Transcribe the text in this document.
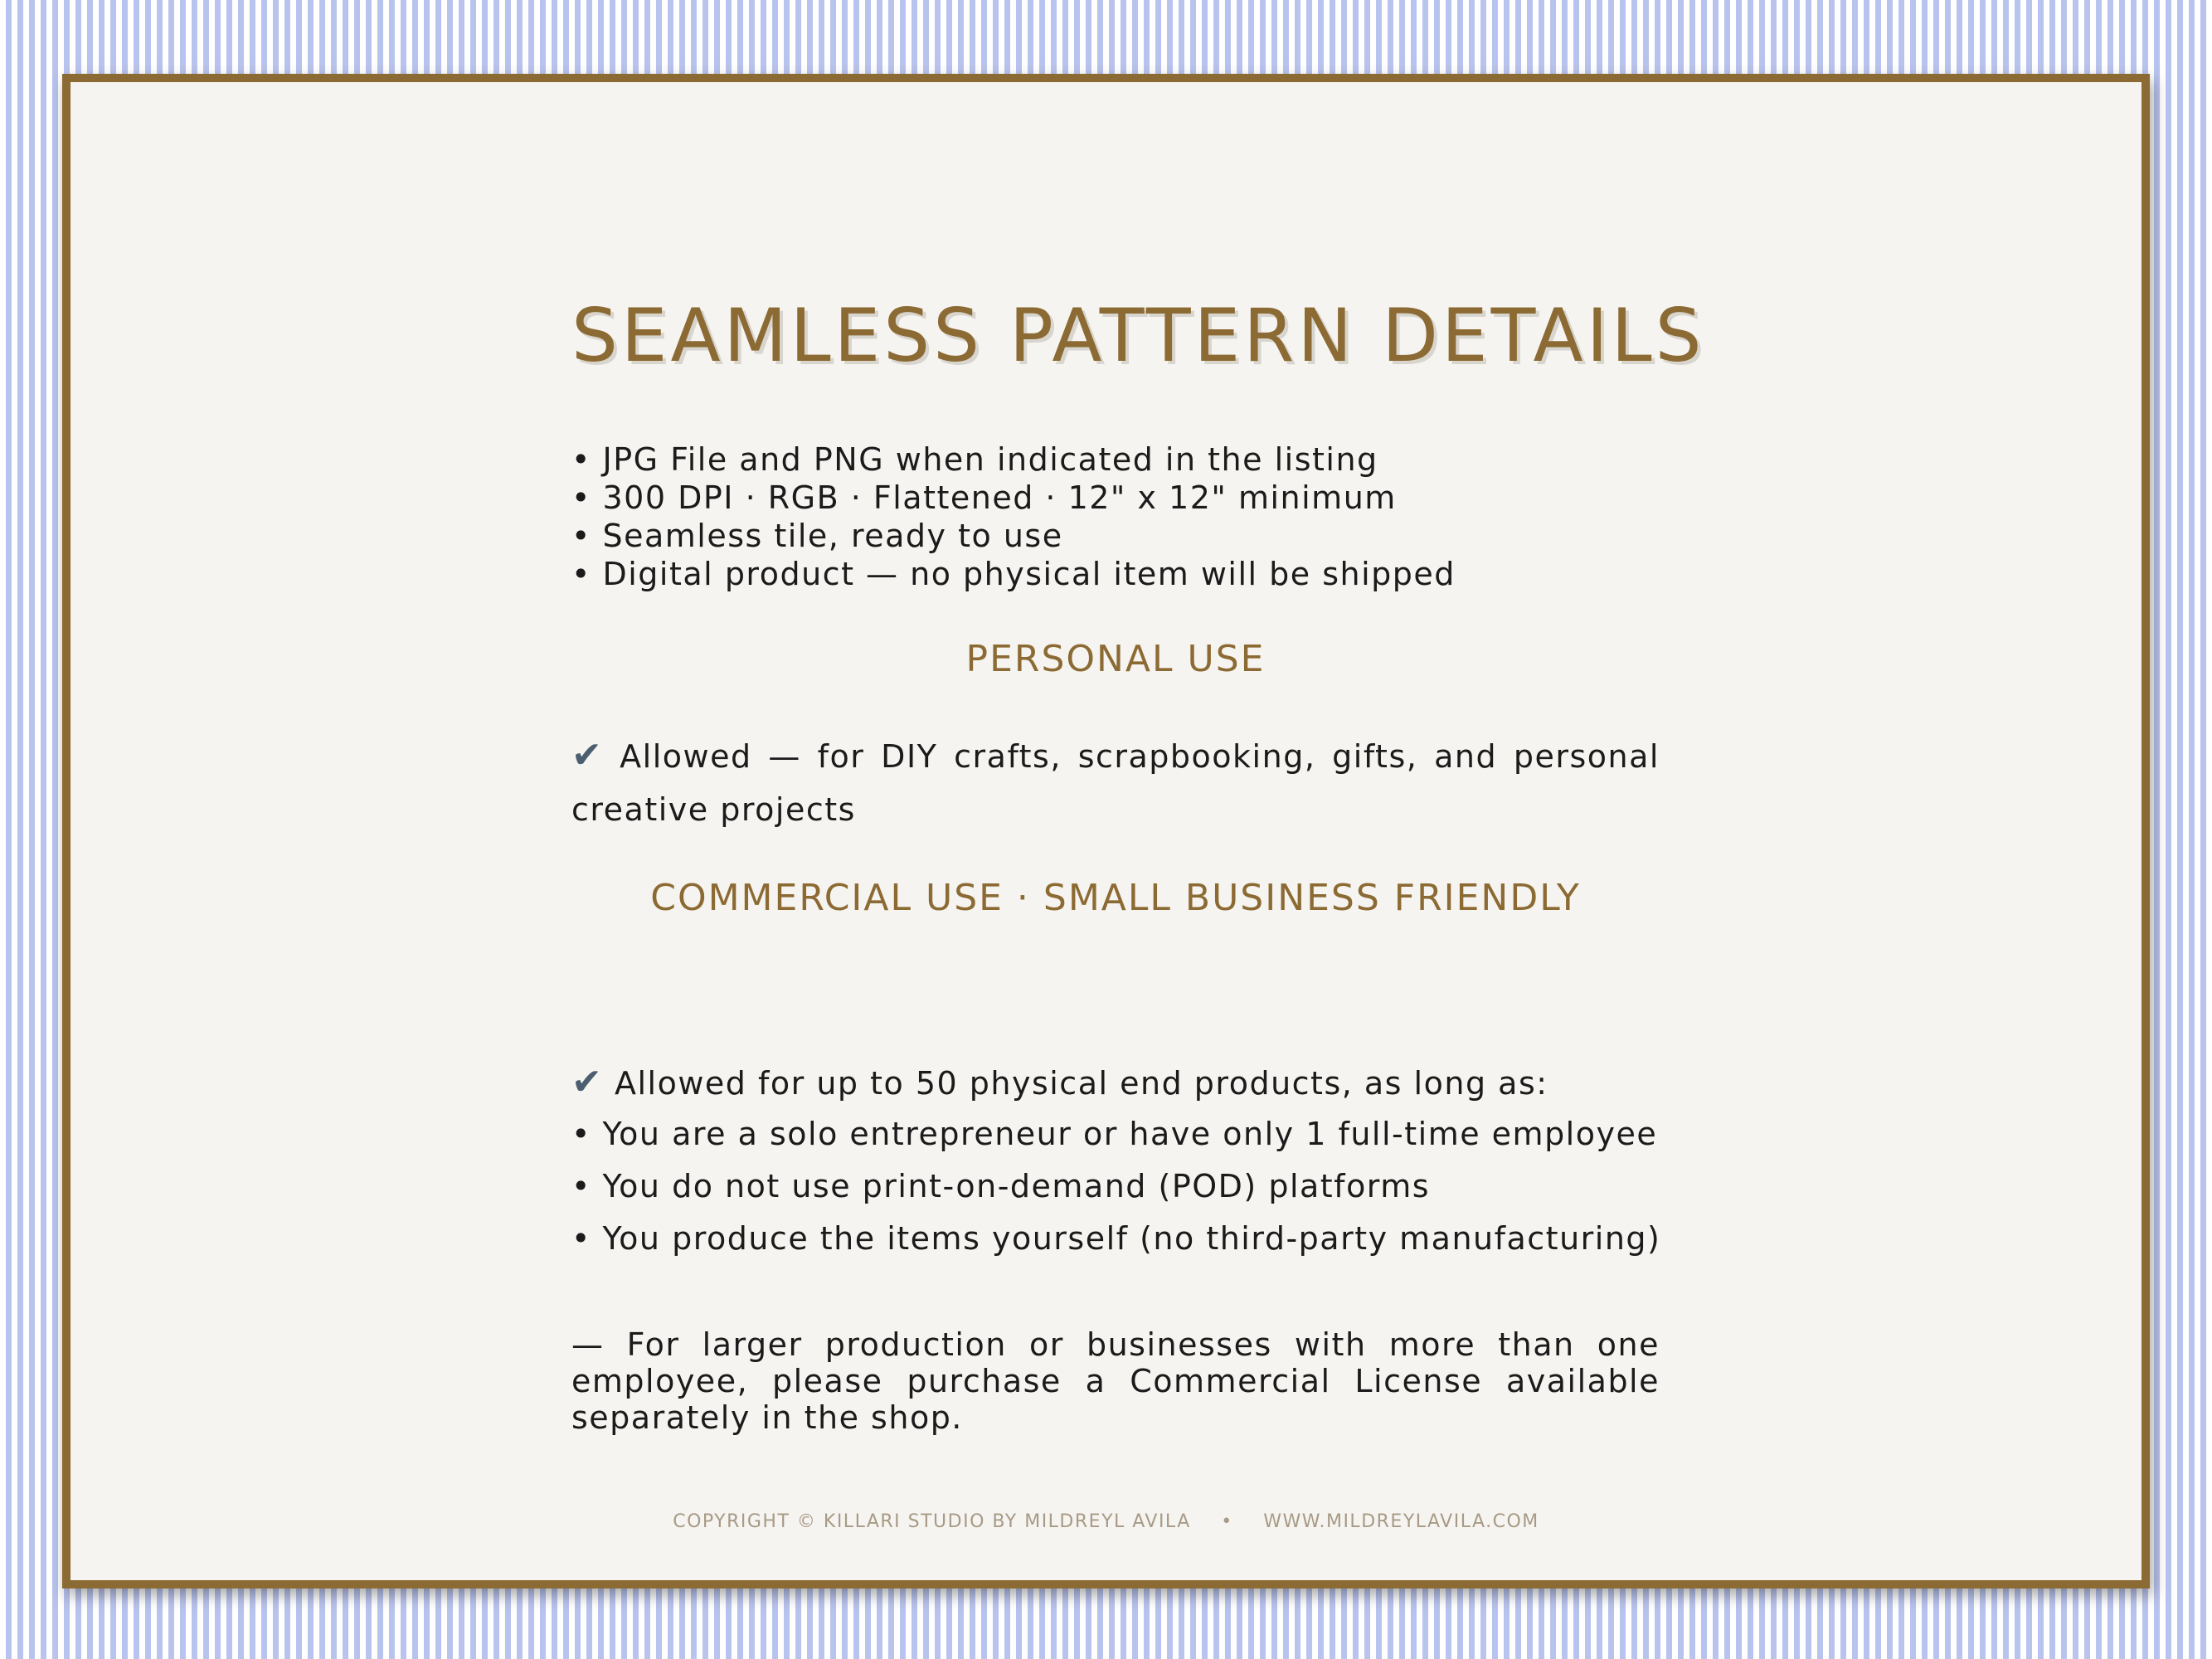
SEAMLESS PATTERN DETAILS
• JPG File and PNG when indicated in the listing
• 300 DPI · RGB · Flattened · 12" x 12" minimum
• Seamless tile, ready to use
• Digital product — no physical item will be shipped
PERSONAL USE
✔ Allowed — for DIY crafts, scrapbooking, gifts, and personal creative projects
COMMERCIAL USE · SMALL BUSINESS FRIENDLY
✔ Allowed for up to 50 physical end products, as long as:
• You are a solo entrepreneur or have only 1 full-time employee
• You do not use print-on-demand (POD) platforms
• You produce the items yourself (no third-party manufacturing)
— For larger production or businesses with more than one employee, please purchase a Commercial License available separately in the shop.
COPYRIGHT © KILLARI STUDIO BY MILDREYL AVILA • WWW.MILDREYLAVILA.COM
